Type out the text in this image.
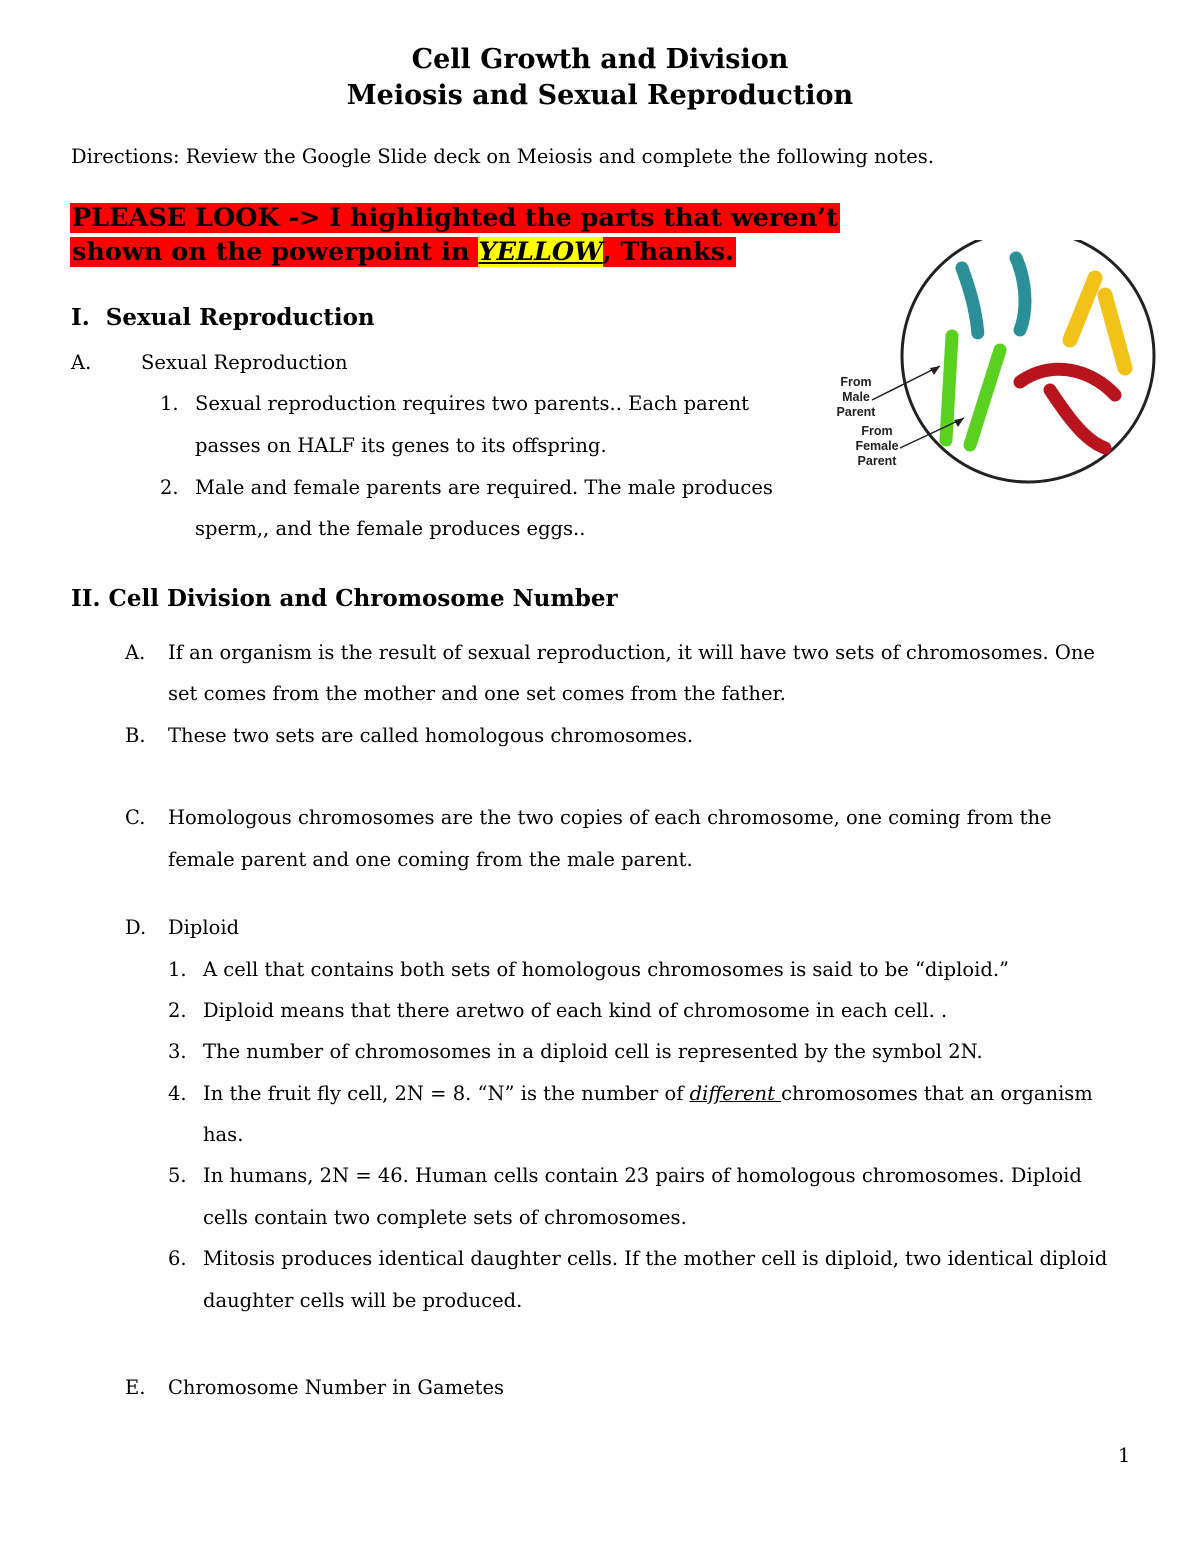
Cell Growth and Division
Meiosis and Sexual Reproduction
Directions: Review the Google Slide deck on Meiosis and complete the following notes.
PLEASE LOOK -> I highlighted the parts that weren’t
shown on the powerpoint in YELLOW, Thanks.
From
Male
Parent
From
Female
Parent
I. Sexual Reproduction
A.	Sexual Reproduction
1. Sexual reproduction requires two parents.. Each parent
passes on HALF its genes to its offspring.
2. Male and female parents are required. The male produces
sperm,, and the female produces eggs..
II. Cell Division and Chromosome Number
A. If an organism is the result of sexual reproduction, it will have two sets of chromosomes. One
set comes from the mother and one set comes from the father.
B. These two sets are called homologous chromosomes.
C. Homologous chromosomes are the two copies of each chromosome, one coming from the
female parent and one coming from the male parent.
D. Diploid
1. A cell that contains both sets of homologous chromosomes is said to be “diploid.”
2. Diploid means that there aretwo of each kind of chromosome in each cell. .
3. The number of chromosomes in a diploid cell is represented by the symbol 2N.
4. In the fruit fly cell, 2N = 8. “N” is the number of different chromosomes that an organism
has.
5. In humans, 2N = 46. Human cells contain 23 pairs of homologous chromosomes. Diploid
cells contain two complete sets of chromosomes.
6. Mitosis produces identical daughter cells. If the mother cell is diploid, two identical diploid
daughter cells will be produced.
E. Chromosome Number in Gametes
1
